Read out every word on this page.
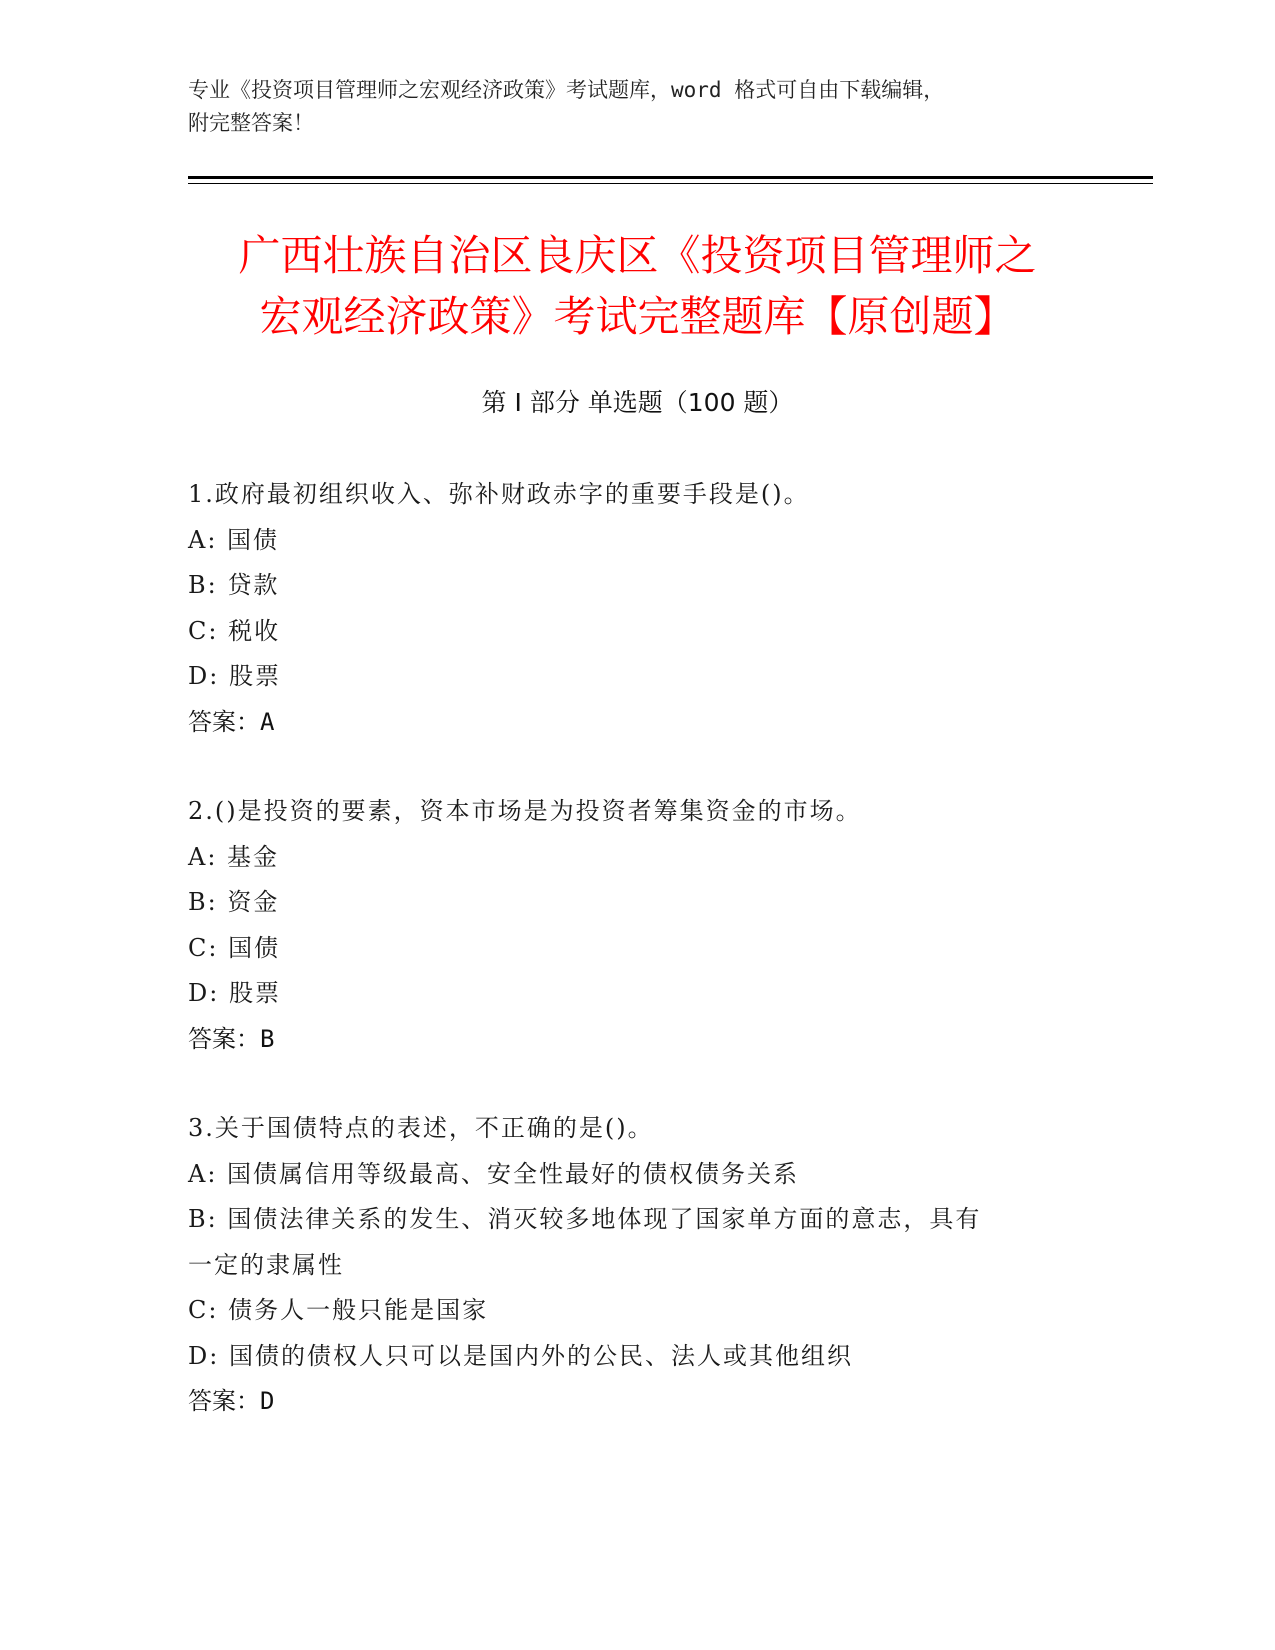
专业《投资项目管理师之宏观经济政策》考试题库，word 格式可自由下载编辑，
附完整答案！
广西壮族自治区良庆区《投资项目管理师之
宏观经济政策》考试完整题库【原创题】
第 I 部分 单选题（100 题）
1.政府最初组织收入、弥补财政赤字的重要手段是()。
A: 国债
B: 贷款
C: 税收
D: 股票
答案：A
2.()是投资的要素，资本市场是为投资者筹集资金的市场。
A: 基金
B: 资金
C: 国债
D: 股票
答案：B
3.关于国债特点的表述，不正确的是()。
A: 国债属信用等级最高、安全性最好的债权债务关系
B: 国债法律关系的发生、消灭较多地体现了国家单方面的意志，具有
一定的隶属性
C: 债务人一般只能是国家
D: 国债的债权人只可以是国内外的公民、法人或其他组织
答案：D
